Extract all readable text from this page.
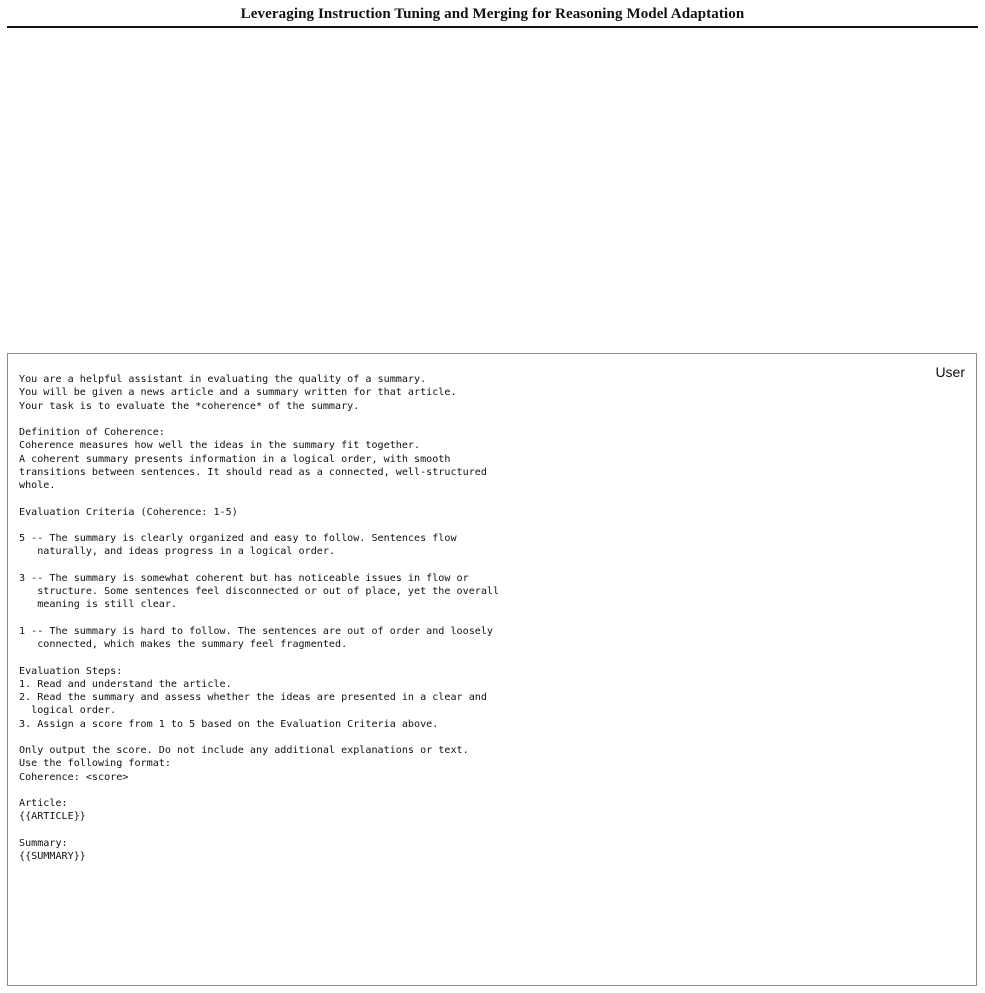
Leveraging Instruction Tuning and Merging for Reasoning Model Adaptation
User
You are a helpful assistant in evaluating the quality of a summary.
You will be given a news article and a summary written for that article.
Your task is to evaluate the *coherence* of the summary.

Definition of Coherence:
Coherence measures how well the ideas in the summary fit together.
A coherent summary presents information in a logical order, with smooth
transitions between sentences. It should read as a connected, well-structured
whole.

Evaluation Criteria (Coherence: 1-5)

5 -- The summary is clearly organized and easy to follow. Sentences flow
naturally, and ideas progress in a logical order.

3 -- The summary is somewhat coherent but has noticeable issues in flow or
structure. Some sentences feel disconnected or out of place, yet the overall
meaning is still clear.

1 -- The summary is hard to follow. The sentences are out of order and loosely
connected, which makes the summary feel fragmented.

Evaluation Steps:
1. Read and understand the article.
2. Read the summary and assess whether the ideas are presented in a clear and
logical order.
3. Assign a score from 1 to 5 based on the Evaluation Criteria above.

Only output the score. Do not include any additional explanations or text.
Use the following format:
Coherence: <score>

Article:
{{ARTICLE}}

Summary:
{{SUMMARY}}
